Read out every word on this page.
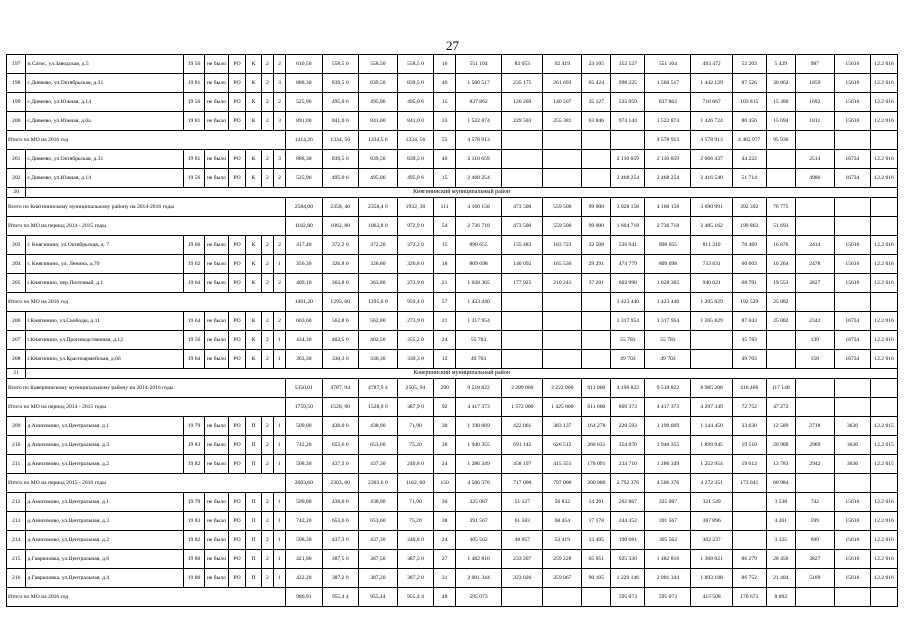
27
197	п.Сатис, ул.Заводская, д.5	19 56	не было	РО	К	2	2	610,50	558,5 0	558,50	558,5 0	16	551 104	83 053	92 419	23 105	352 527	551 104	493 472	52 203	5 429	987	15616	12.2 016
198	с.Дивеево, ул.Октябрьская, д.31	19 81	не было	РО	К	2	3	888,30	839,5 0	839,50	839,5 0	40	1 560 517	235 175	261 693	65 424	998 225	1 560 517	1 442 129	87 526	30 862	1859	15616	12.2 016
199	с.Дивеево, ул.Южная, д.14	19 56	не было	РО	К	2	2	525,96	495,0 6	495,06	495,0 6	15	837 862	126 269	140 507	35 127	535 959	837 862	718 667	103 815	15 380	1692	15616	12.2 016
200	с.Дивеево, ул.Южная, д.6а	19 81	не было	РО	К	2	3	891,00	841,0 0	841,00	841,0 0	33	1 522 874	229 503	255 381	63 846	974 144	1 522 874	1 426 724	80 456	15 694	1811	15616	12.2 016
Итого по МО на 2016 год								1414,26	1334, 56	1334,5 6	1334, 56	55	4 578 913					4 578 913	4 578 913	4 482 977	95 936			
201	с.Дивеево, ул.Октябрьская, д.31	19 81	не было	РО	К	2	3	888,30	839,5 0	839,50	839,5 0	40	2 110 659				2 110 659	2 110 659	2 066 437	44 222		2514	16734	12.2 016
202	с.Дивеево, ул.Южная, д.14	19 56	не было	РО	К	2	2	525,96	495,0 6	495,06	495,0 6	15	2 468 254				2 468 254	2 468 254	2 416 540	51 714		4986	16734	12.2 016
20	Княгининский муниципальный район																							
Всего по Княгининскому муниципальному району на 2014-2016 годы								2584,00	2358, 40	2358,4 0	1932, 30	111	4 160 158	473 500	559 500	99 000	3 028 158	4 160 158	3 690 991	392 392	76 775			
Итого по МО на период 2014 - 2015 годы								1182,80	1062, 80	1062,8 0	972,9 0	54	2 736 718	473 500	559 500	99 000	1 604 718	2 736 718	2 485 162	199 863	51 693			
203	г. Княгинино, ул.Октябрьская, д. 7	19 66	не было	РО	К	2	2	417,40	372,2 0	372,20	372,2 0	15	898 655	155 483	183 723	32 508	526 941	898 655	811 310	70 469	16 876	2414	15616	12.2 016
204	г. Княгинино, ул. Ленина, д.70	19 62	не было	РО	К	2	1	356,30	326,8 0	326,80	326,8 0	18	809 698	140 092	165 536	29 291	474 779	809 698	733 831	60 603	10 264	2478	15616	12.2 016
205	г.Княгинино, пер.Почтовый, д.1	19 64	не было	РО	К	2	2	409,10	363,8 0	363,80	273,9 0	21	1 028 365	177 925	210 241	37 201	602 998	1 028 365	940 021	68 791	19 553	2827	15616	12.2 016
Итого по МО на 2016 год								1401,20	1295, 60	1295,6 0	959,4 0	57	1 423 440				1 423 440	1 423 440	1 205 829	192 529	25 082			
206	г.Княгинино, ул.Свободы, д.11	19 64	не было	РО	К	2	2	603,60	562,8 0	562,80	273,9 0	21	1 317 954				1 317 954	1 317 954	1 205 829	87 043	25 082	2342	16734	12.2 016
207	г.Княгинино, ул.Производственная, д.12	19 56	не было	РО	К	2	1	434,30	402,5 0	402,50	355,2 0	24	55 783				55 783	55 783		35 783		139	16734	12.2 016
208	г.Княгинино, ул.Красноармейская, д.66	19 64	не было	РО	К	2	1	363,30	330,3 0	330,30	330,3 0	12	49 703				49 703	49 703		49 703		150	16734	12.2 016
21	Ковернинский муниципальный район																							
Всего по Ковернинскому муниципальному району на 2014-2016 годы								5350,01	4787, 94	4787,9 4	2505, 94	290	9 518 822	2 289 000	2 222 000	811 000	4 196 822	9 518 822	8 985 208	416 466	117 148			
Итого по МО на период 2014 - 2015 годы								1759,50	1528, 90	1528,9 0	387,9 0	92	4 417 373	1 572 000	1 425 000	611 000	809 373	4 417 373	4 297 349	72 752	47 272			
209	д.Анисимово, ул.Центральная, д.1	19 79	не было	РО	П	2	1	509,00	438,0 0	438,00	71,90	30	1 190 669	422 661	383 137	164 278	220 593	1 190 669	1 144 450	33 630	12 589	2718	3636	12.2 015
210	д.Анисимово, ул.Центральная, д.3	19 83	не было	РО	П	2	1	742,20	653,6 0	653,60	75,20	38	1 940 355	691 142	626 512	268 631	354 070	1 940 355	1 899 945	19 510	20 900	2969	3636	12.2 015
211	д.Анисимово, ул.Центральная, д.2	19 82	не было	РО	П	2	1	508,30	437,3 0	437,30	240,8 0	24	1 286 349	458 197	415 351	178 091	234 710	1 286 349	1 252 954	19 612	13 783	2942	3636	12.2 015
Итого по МО на период 2015 - 2016 годы								2603,60	2303, 60	2303,6 0	1162, 60	150	4 506 376	717 000	797 000	200 000	2 792 376	4 506 376	4 272 351	173 041	60 984			
212	д.Анисимово, ул.Центральная, д.1	19 79	не было	РО	П	2	1	509,00	438,0 0	438,00	71,90	30	325 087	51 127	56 832	14 261	202 867	325 087	321 549		3 538	742	15616	12.2 016
213	д.Анисимово, ул.Центральная, д.3	19 83	не было	РО	П	2	1	742,20	653,6 0	653,60	75,20	38	391 567	61 583	68 454	17 178	244 352	391 567	387 896		4 261	599	15616	12.2 016
214	д.Анисимово, ул.Центральная, д.2	19 82	не было	РО	П	2	1	508,30	437,3 0	437,30	240,8 0	24	305 562	48 057	53 419	13 405	190 681	305 562	302 237		3 325	699	15616	12.2 016
215	д.Гавриловка, ул.Центральная, д.6	19 80	не было	РО	П	2	1	421,90	387,5 0	387,50	387,5 0	27	1 482 816	233 207	259 228	65 051	925 330	1 482 816	1 368 021	86 279	28 456	3827	15616	12.2 016
216	д.Гавриловка, ул.Центральная, д.4	19 80	не было	РО	П	2	1	422,20	387,2 0	387,20	387,2 0	31	2 001 344	323 026	359 067	90 105	1 229 146	2 001 344	1 893 188	86 752	21 404	5169	15616	12.2 016
Итого по МО на 2016 год								986,91	955,4 4	955,44	955,4 4	48	595 073				595 073	595 073	415 508	170 673	8 892			
